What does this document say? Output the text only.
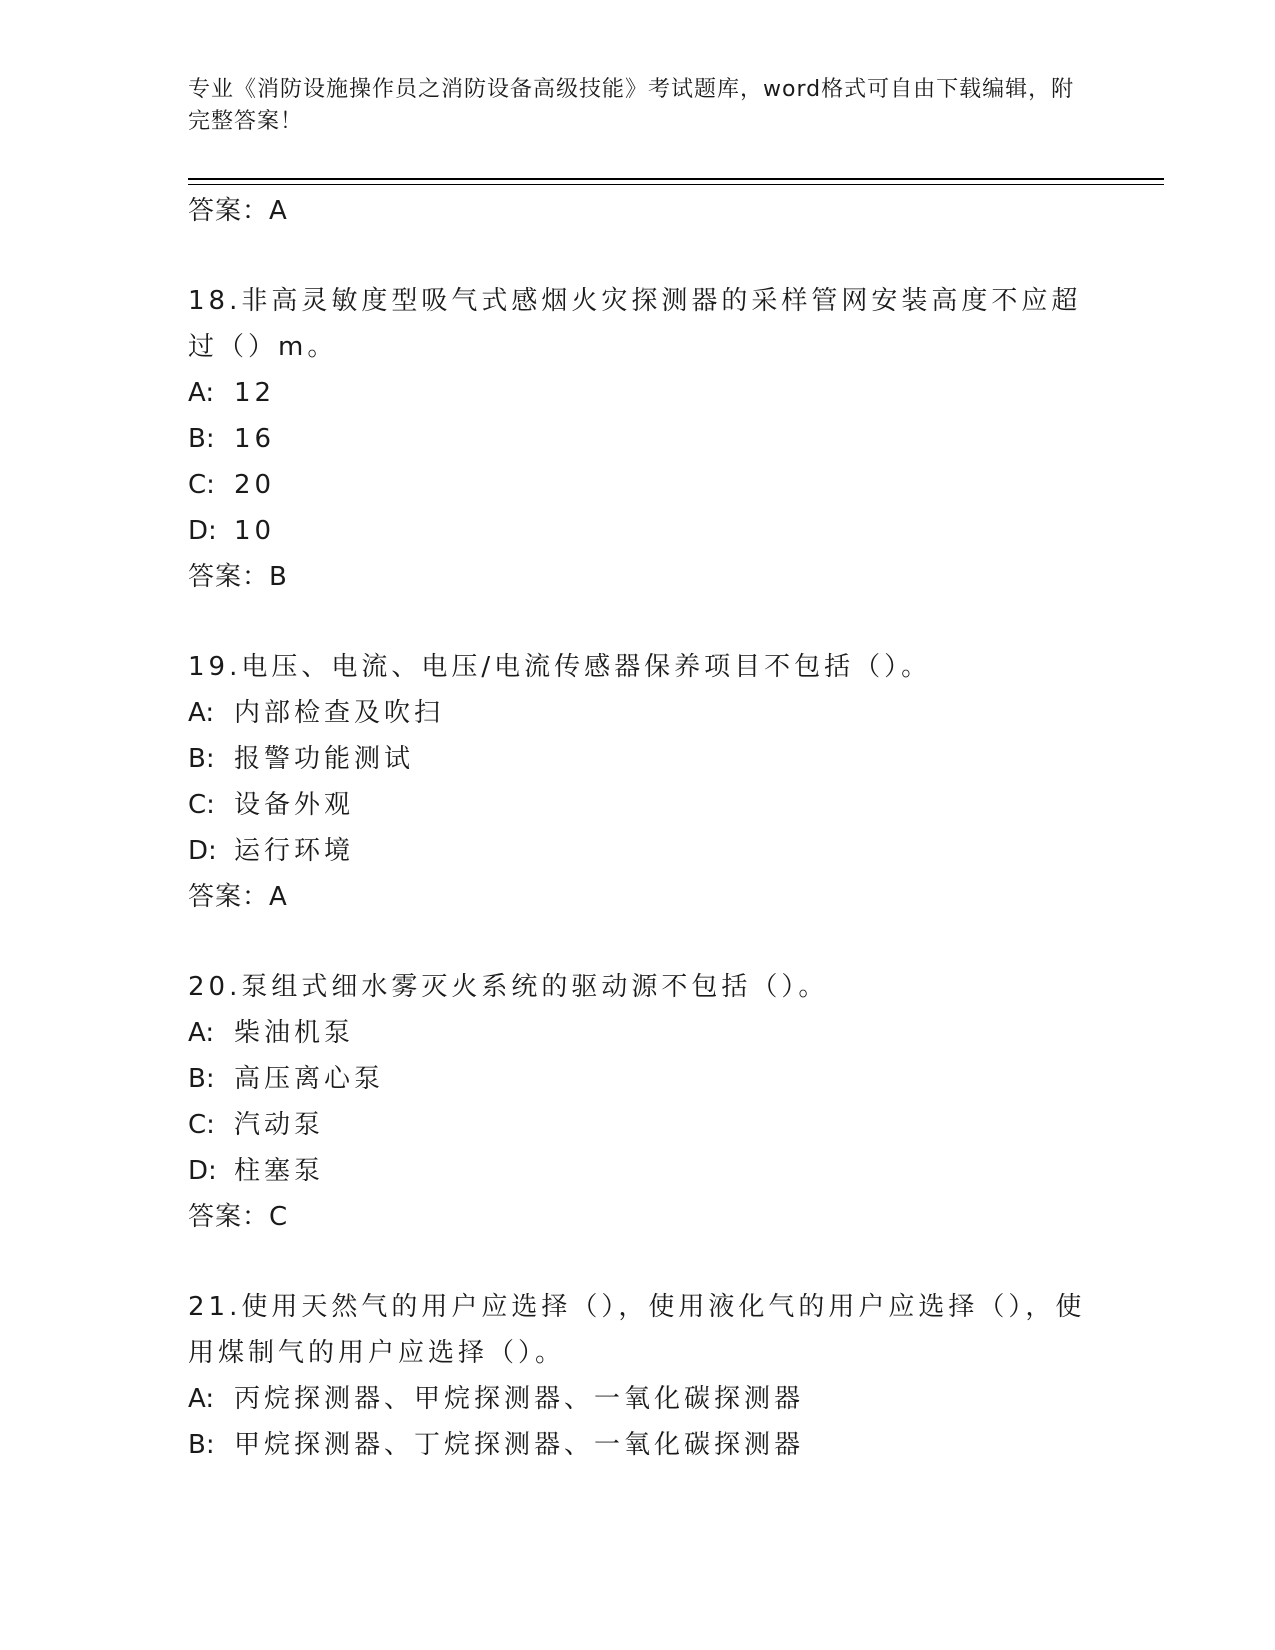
专业《消防设施操作员之消防设备高级技能》考试题库，word格式可自由下载编辑，附完整答案！
答案：A
18.非高灵敏度型吸气式感烟火灾探测器的采样管网安装高度不应超过（）m。
A: 12
B: 16
C: 20
D: 10
答案：B
19.电压、电流、电压/电流传感器保养项目不包括（）。
A: 内部检查及吹扫
B: 报警功能测试
C: 设备外观
D: 运行环境
答案：A
20.泵组式细水雾灭火系统的驱动源不包括（）。
A: 柴油机泵
B: 高压离心泵
C: 汽动泵
D: 柱塞泵
答案：C
21.使用天然气的用户应选择（），使用液化气的用户应选择（），使用煤制气的用户应选择（）。
A: 丙烷探测器、甲烷探测器、一氧化碳探测器
B: 甲烷探测器、丁烷探测器、一氧化碳探测器
